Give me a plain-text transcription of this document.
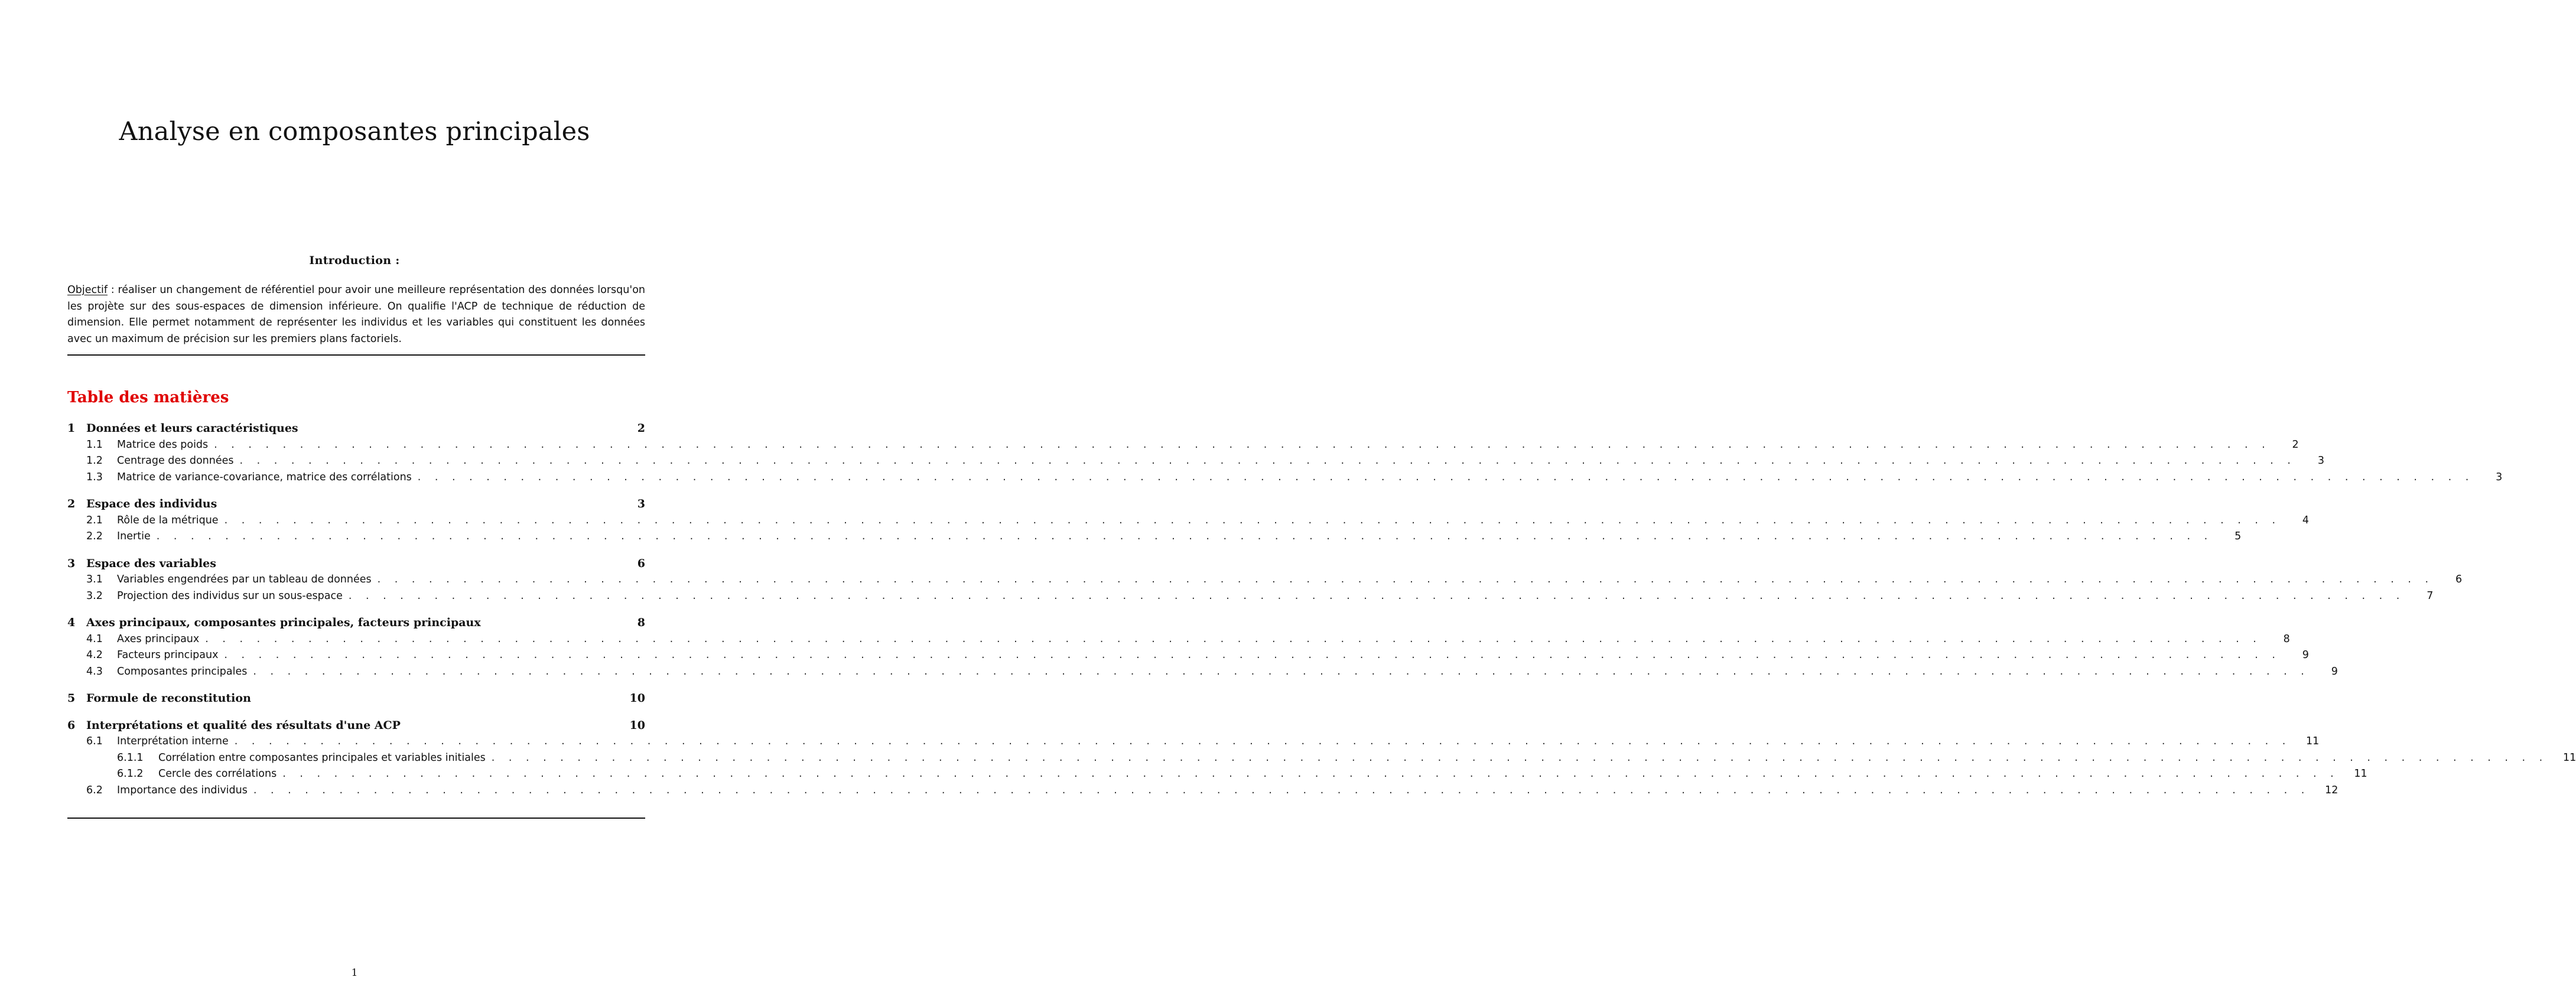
Analyse en composantes principales
Introduction :
Objectif : réaliser un changement de référentiel pour avoir une meilleure représentation des données lorsqu'on les projète sur des sous-espaces de dimension inférieure. On qualifie l'ACP de technique de réduction de dimension. Elle permet notamment de représenter les individus et les variables qui constituent les données avec un maximum de précision sur les premiers plans factoriels.
Table des matières
1 Données et leurs caractéristiques	2
1.1	Matrice des poids . . . . . . . . . . . . . . . . . . . . . . . . . . . . . . . . . . . . . . . . . . . . . . . . . . . . . . . . . . . . . . . . . . . . . . . . . . . . . . . . . . . . . . . . . . . . . . . . . . . . . . . . . . . . . . . . . . . . . . . .	2
1.2	Centrage des données . . . . . . . . . . . . . . . . . . . . . . . . . . . . . . . . . . . . . . . . . . . . . . . . . . . . . . . . . . . . . . . . . . . . . . . . . . . . . . . . . . . . . . . . . . . . . . . . . . . . . . . . . . . . . . . . . . . . . . . .	3
1.3	Matrice de variance-covariance, matrice des corrélations . . . . . . . . . . . . . . . . . . . . . . . . . . . . . . . . . . . . . . . . . . . . . . . . . . . . . . . . . . . . . . . . . . . . . . . . . . . . . . . . . . . . . . . . . . . . . . . . . . . . . . . . . . . . . . . . . . . . . . . .	3
2 Espace des individus	3
2.1	Rôle de la métrique . . . . . . . . . . . . . . . . . . . . . . . . . . . . . . . . . . . . . . . . . . . . . . . . . . . . . . . . . . . . . . . . . . . . . . . . . . . . . . . . . . . . . . . . . . . . . . . . . . . . . . . . . . . . . . . . . . . . . . . .	4
2.2	Inertie . . . . . . . . . . . . . . . . . . . . . . . . . . . . . . . . . . . . . . . . . . . . . . . . . . . . . . . . . . . . . . . . . . . . . . . . . . . . . . . . . . . . . . . . . . . . . . . . . . . . . . . . . . . . . . . . . . . . . . . .	5
3 Espace des variables	6
3.1	Variables engendrées par un tableau de données . . . . . . . . . . . . . . . . . . . . . . . . . . . . . . . . . . . . . . . . . . . . . . . . . . . . . . . . . . . . . . . . . . . . . . . . . . . . . . . . . . . . . . . . . . . . . . . . . . . . . . . . . . . . . . . . . . . . . . . .	6
3.2	Projection des individus sur un sous-espace . . . . . . . . . . . . . . . . . . . . . . . . . . . . . . . . . . . . . . . . . . . . . . . . . . . . . . . . . . . . . . . . . . . . . . . . . . . . . . . . . . . . . . . . . . . . . . . . . . . . . . . . . . . . . . . . . . . . . . . .	7
4 Axes principaux, composantes principales, facteurs principaux	8
4.1	Axes principaux . . . . . . . . . . . . . . . . . . . . . . . . . . . . . . . . . . . . . . . . . . . . . . . . . . . . . . . . . . . . . . . . . . . . . . . . . . . . . . . . . . . . . . . . . . . . . . . . . . . . . . . . . . . . . . . . . . . . . . . .	8
4.2	Facteurs principaux . . . . . . . . . . . . . . . . . . . . . . . . . . . . . . . . . . . . . . . . . . . . . . . . . . . . . . . . . . . . . . . . . . . . . . . . . . . . . . . . . . . . . . . . . . . . . . . . . . . . . . . . . . . . . . . . . . . . . . . .	9
4.3	Composantes principales . . . . . . . . . . . . . . . . . . . . . . . . . . . . . . . . . . . . . . . . . . . . . . . . . . . . . . . . . . . . . . . . . . . . . . . . . . . . . . . . . . . . . . . . . . . . . . . . . . . . . . . . . . . . . . . . . . . . . . . .	9
5 Formule de reconstitution	10
6 Interprétations et qualité des résultats d'une ACP	10
6.1	Interprétation interne . . . . . . . . . . . . . . . . . . . . . . . . . . . . . . . . . . . . . . . . . . . . . . . . . . . . . . . . . . . . . . . . . . . . . . . . . . . . . . . . . . . . . . . . . . . . . . . . . . . . . . . . . . . . . . . . . . . . . . . .	11
6.1.1	Corrélation entre composantes principales et variables initiales . . . . . . . . . . . . . . . . . . . . . . . . . . . . . . . . . . . . . . . . . . . . . . . . . . . . . . . . . . . . . . . . . . . . . . . . . . . . . . . . . . . . . . . . . . . . . . . . . . . . . . . . . . . . . . . . . . . . . . . .	11
6.1.2	Cercle des corrélations . . . . . . . . . . . . . . . . . . . . . . . . . . . . . . . . . . . . . . . . . . . . . . . . . . . . . . . . . . . . . . . . . . . . . . . . . . . . . . . . . . . . . . . . . . . . . . . . . . . . . . . . . . . . . . . . . . . . . . . .	11
6.2	Importance des individus . . . . . . . . . . . . . . . . . . . . . . . . . . . . . . . . . . . . . . . . . . . . . . . . . . . . . . . . . . . . . . . . . . . . . . . . . . . . . . . . . . . . . . . . . . . . . . . . . . . . . . . . . . . . . . . . . . . . . . . .	12
1
